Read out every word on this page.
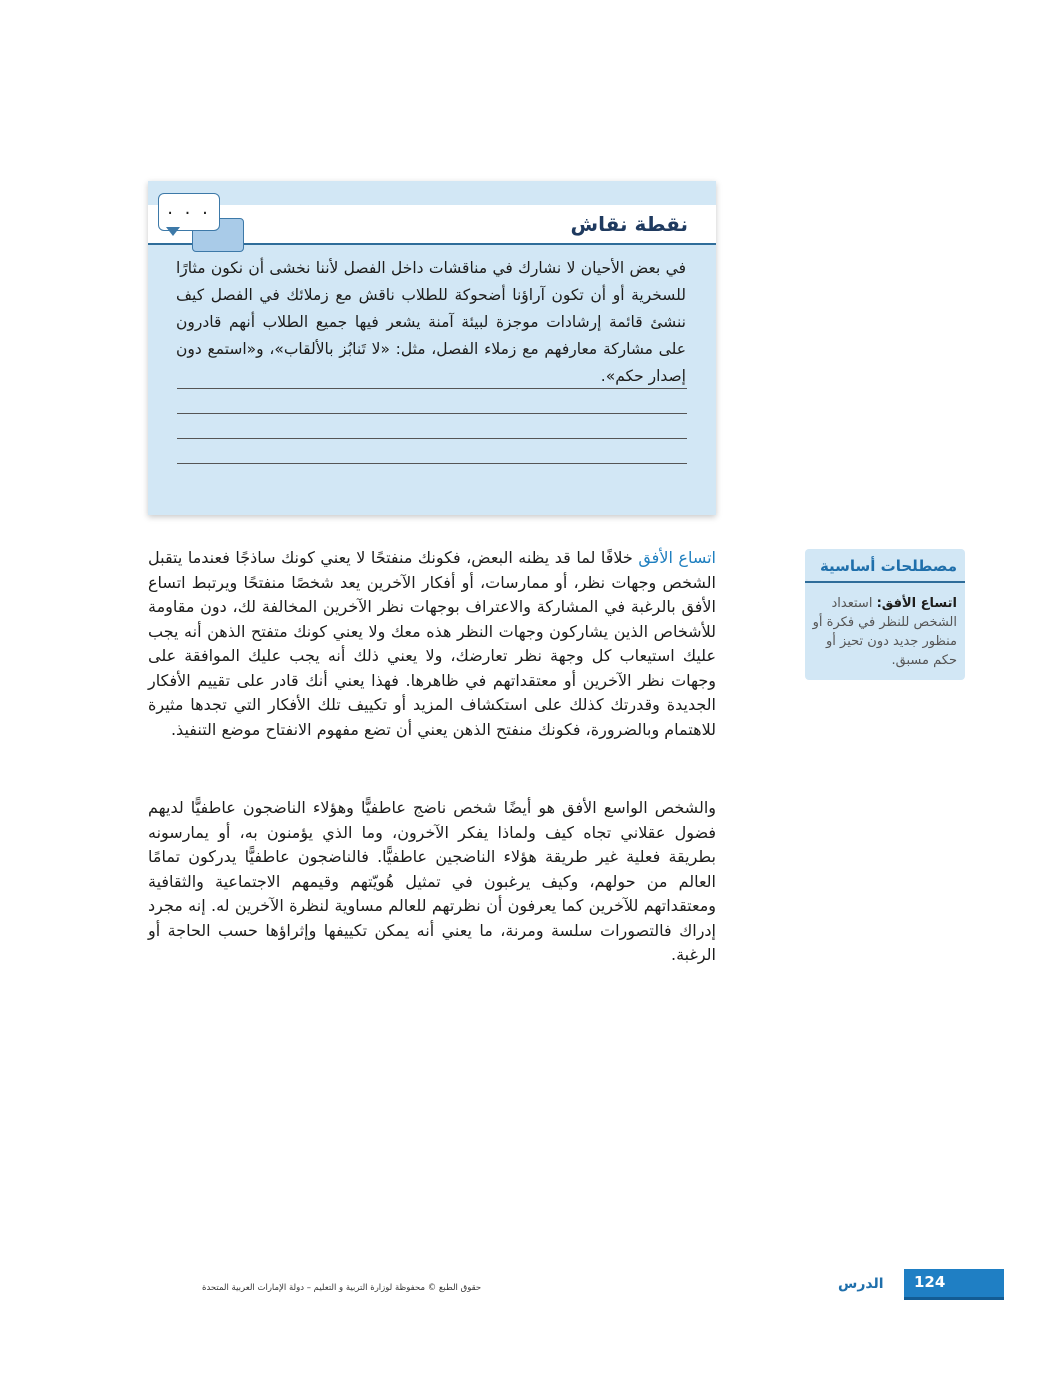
نقطة نقاش
. . .
في بعض الأحيان لا نشارك في مناقشات داخل الفصل لأننا نخشى أن نكون مثارًا للسخرية أو أن تكون آراؤنا أضحوكة للطلاب ناقش مع زملائك في الفصل كيف ننشئ قائمة إرشادات موجزة لبيئة آمنة يشعر فيها جميع الطلاب أنهم قادرون على مشاركة معارفهم مع زملاء الفصل، مثل: «لا تَنابُز بالألقاب»، و«استمع دون إصدار حكم».
اتساع الأفق خلافًا لما قد يظنه البعض، فكونك منفتحًا لا يعني كونك ساذجًا فعندما يتقبل الشخص وجهات نظر، أو ممارسات، أو أفكار الآخرين يعد شخصًا منفتحًا ويرتبط اتساع الأفق بالرغبة في المشاركة والاعتراف بوجهات نظر الآخرين المخالفة لك، دون مقاومة للأشخاص الذين يشاركون وجهات النظر هذه معك ولا يعني كونك متفتح الذهن أنه يجب عليك استيعاب كل وجهة نظر تعارضك، ولا يعني ذلك أنه يجب عليك الموافقة على وجهات نظر الآخرين أو معتقداتهم في ظاهرها. فهذا يعني أنك قادر على تقييم الأفكار الجديدة وقدرتك كذلك على استكشاف المزيد أو تكييف تلك الأفكار التي تجدها مثيرة للاهتمام وبالضرورة، فكونك منفتح الذهن يعني أن تضع مفهوم الانفتاح موضع التنفيذ.
والشخص الواسع الأفق هو أيضًا شخص ناضج عاطفيًّا وهؤلاء الناضجون عاطفيًّا لديهم فضول عقلاني تجاه كيف ولماذا يفكر الآخرون، وما الذي يؤمنون به، أو يمارسونه بطريقة فعلية غير طريقة هؤلاء الناضجين عاطفيًّا. فالناضجون عاطفيًّا يدركون تمامًا العالم من حولهم، وكيف يرغبون في تمثيل هُويّتهم وقيمهم الاجتماعية والثقافية ومعتقداتهم للآخرين كما يعرفون أن نظرتهم للعالم مساوية لنظرة الآخرين له. إنه مجرد إدراك فالتصورات سلسة ومرنة، ما يعني أنه يمكن تكييفها وإثراؤها حسب الحاجة أو الرغبة.
مصطلحات أساسية
اتساع الأفق: استعداد الشخص للنظر في فكرة أو منظور جديد دون تحيز أو حكم مسبق.
حقوق الطبع © محفوظة لوزارة التربية و التعليم – دولة الإمارات العربية المتحدة	الدرس 124
